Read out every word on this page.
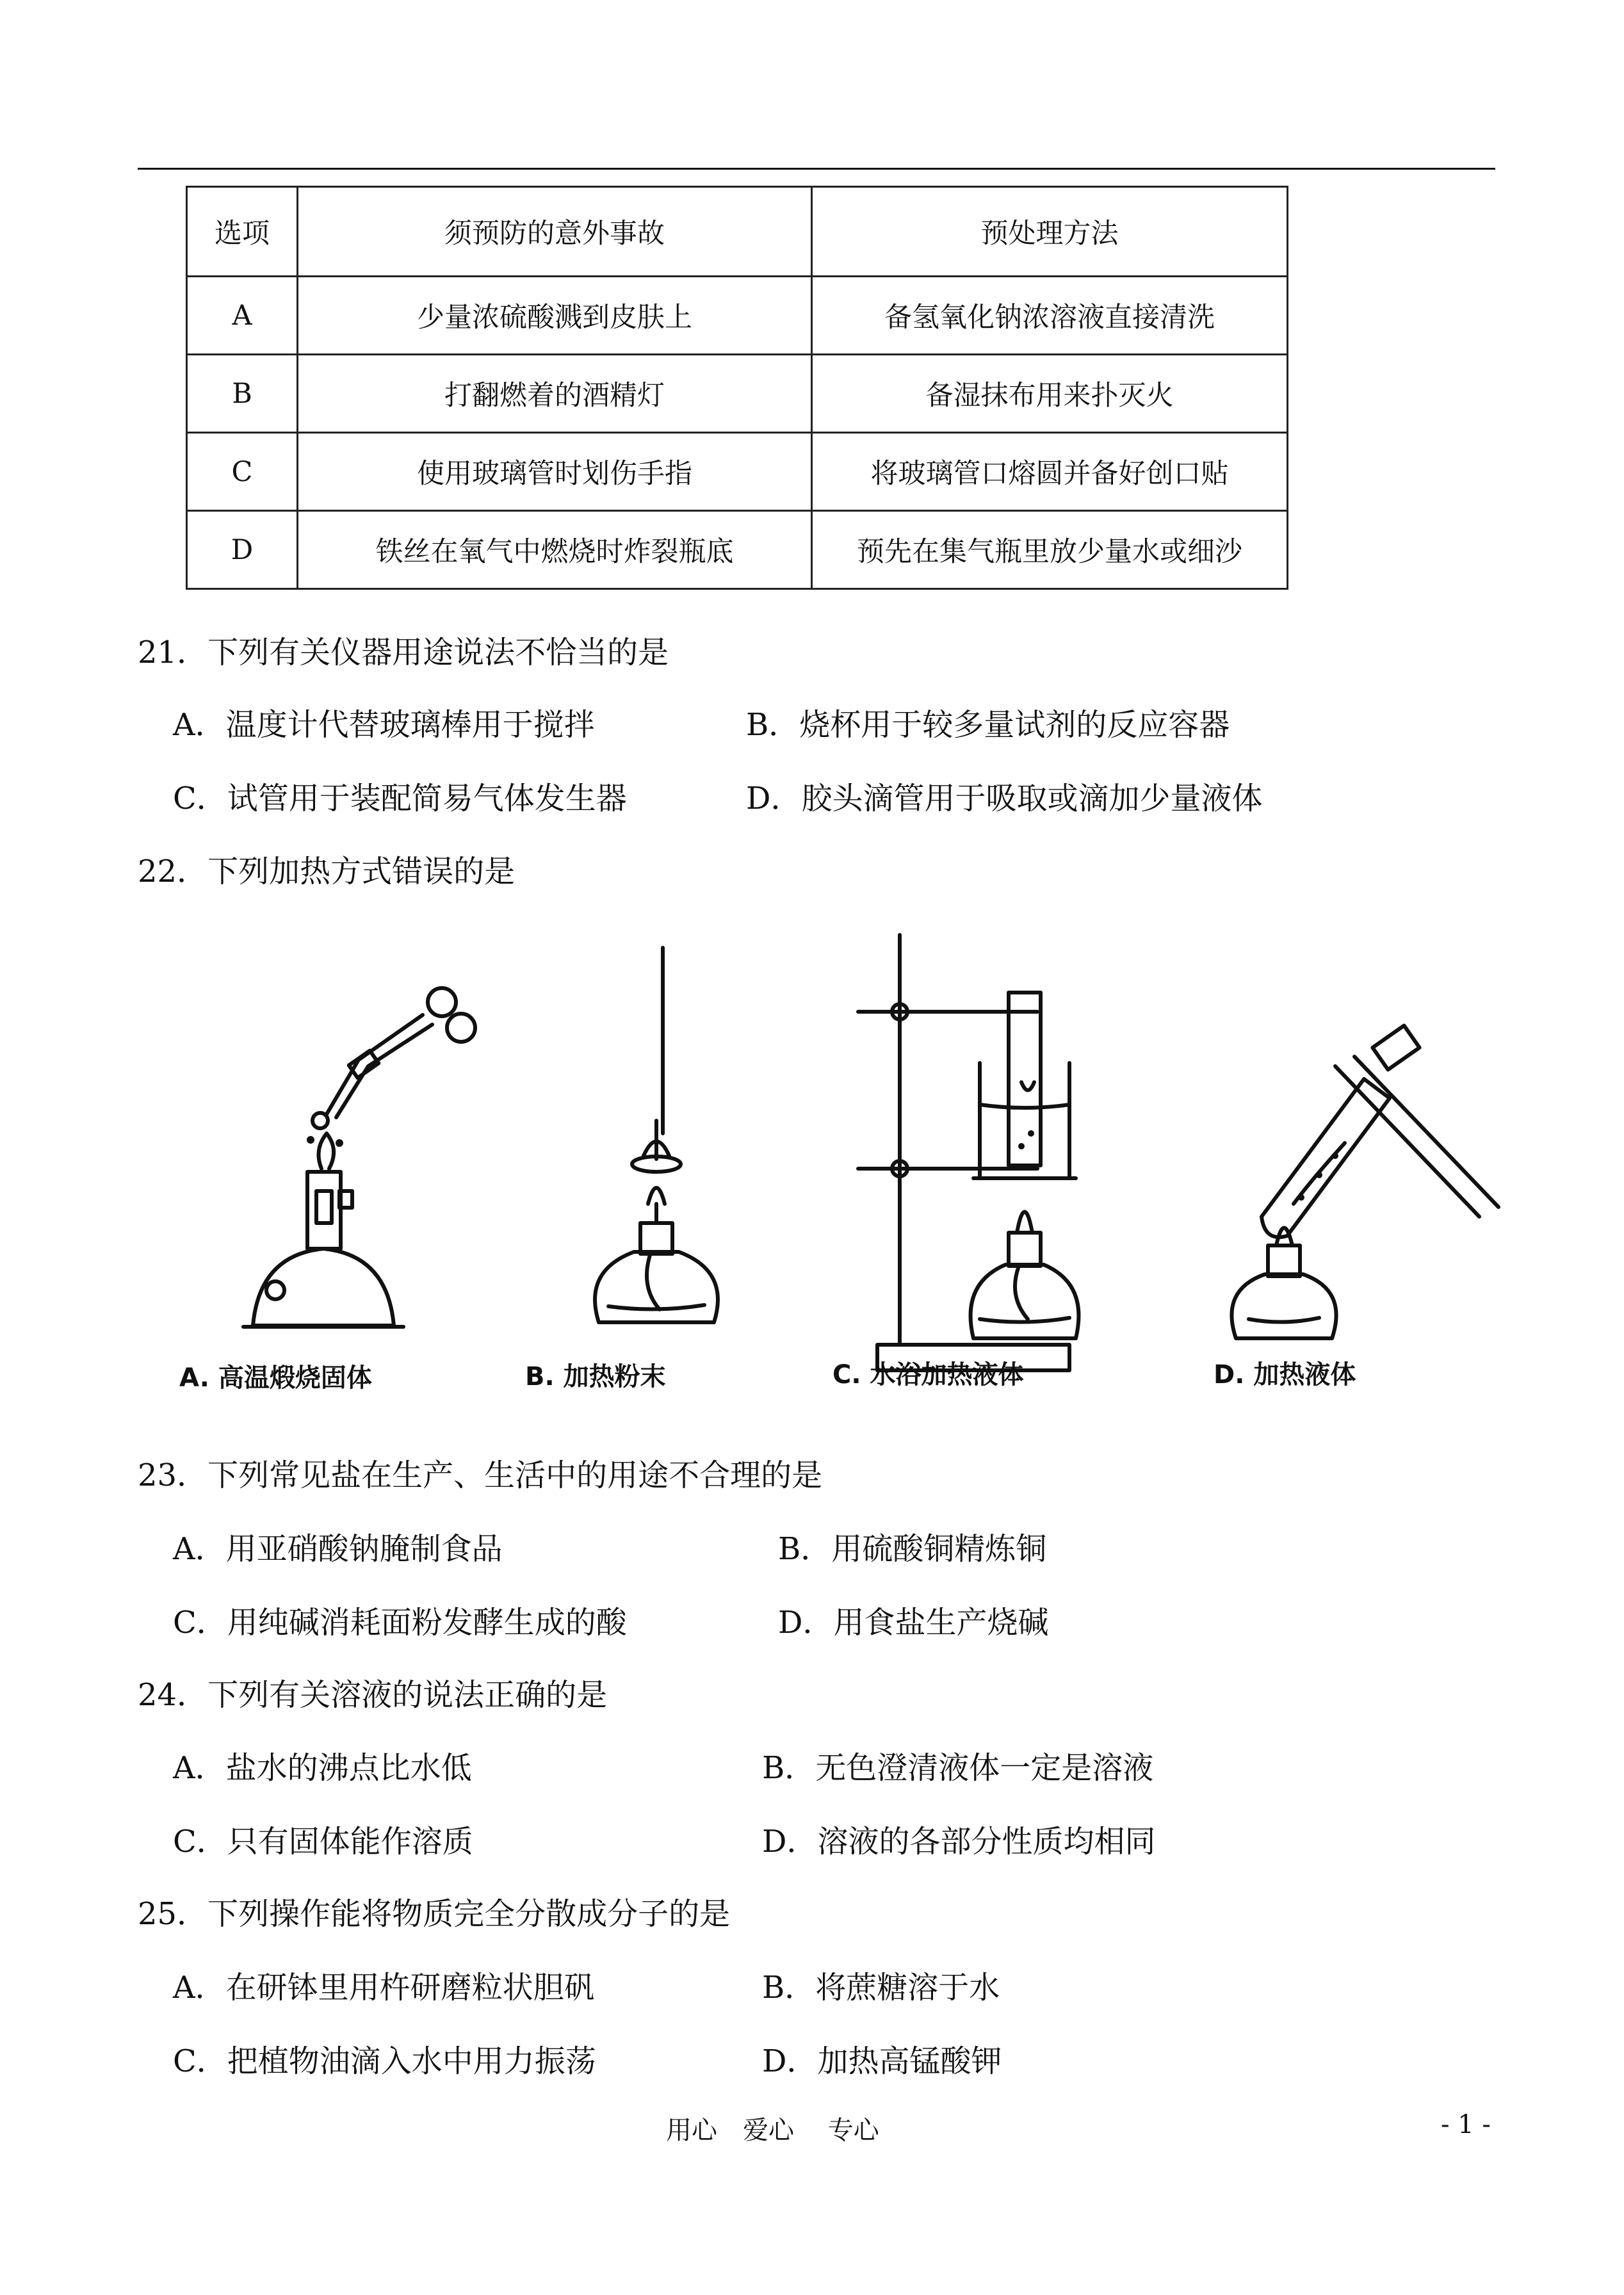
选项	须预防的意外事故	预处理方法
A	少量浓硫酸溅到皮肤上	备氢氧化钠浓溶液直接清洗
B	打翻燃着的酒精灯	备湿抹布用来扑灭火
C	使用玻璃管时划伤手指	将玻璃管口熔圆并备好创口贴
D	铁丝在氧气中燃烧时炸裂瓶底	预先在集气瓶里放少量水或细沙
21．下列有关仪器用途说法不恰当的是
A．温度计代替玻璃棒用于搅拌	B．烧杯用于较多量试剂的反应容器
C．试管用于装配简易气体发生器	D．胶头滴管用于吸取或滴加少量液体
22．下列加热方式错误的是
A. 高温煅烧固体	B. 加热粉末	C. 水浴加热液体	D. 加热液体
23．下列常见盐在生产、生活中的用途不合理的是
A．用亚硝酸钠腌制食品	B．用硫酸铜精炼铜
C．用纯碱消耗面粉发酵生成的酸	D．用食盐生产烧碱
24．下列有关溶液的说法正确的是
A．盐水的沸点比水低	B．无色澄清液体一定是溶液
C．只有固体能作溶质	D．溶液的各部分性质均相同
25．下列操作能将物质完全分散成分子的是
A．在研钵里用杵研磨粒状胆矾	B．将蔗糖溶于水
C．把植物油滴入水中用力振荡	D．加热高锰酸钾
用心　爱心　 专心	- 1 -
